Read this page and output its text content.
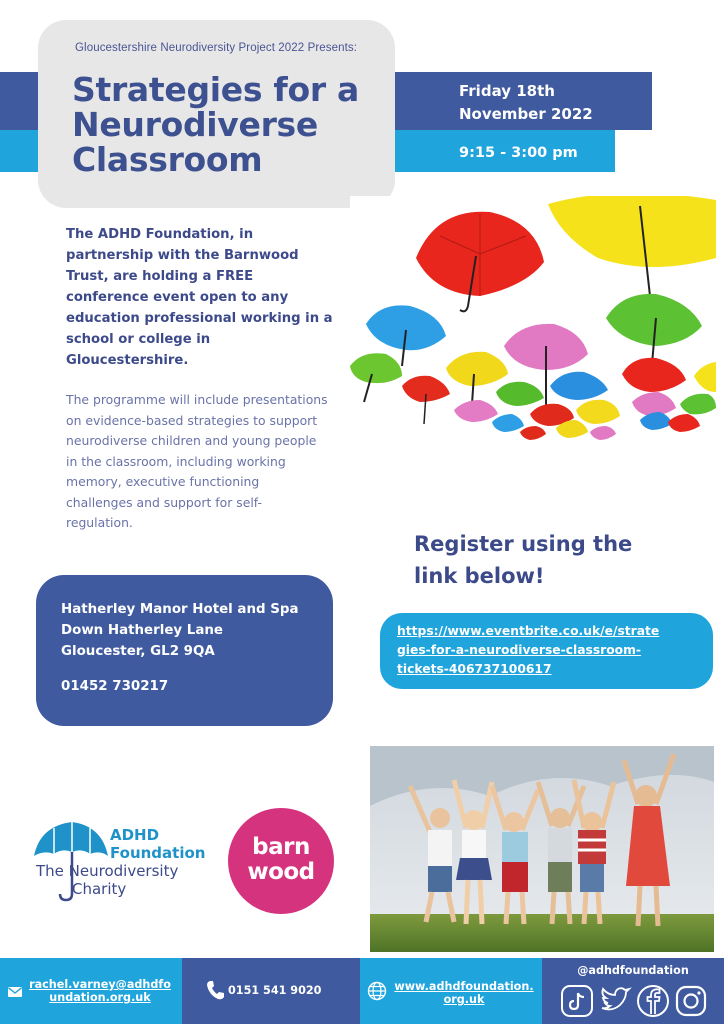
Gloucestershire Neurodiversity Project 2022 Presents:
Strategies for a
Neurodiverse
Classroom
Friday 18th
November 2022
9:15 - 3:00 pm

The ADHD Foundation, in partnership with the Barnwood Trust, are holding a FREE conference event open to any education professional working in a school or college in Gloucestershire.

The programme will include presentations on evidence-based strategies to support neurodiverse children and young people in the classroom, including working memory, executive functioning challenges and support for self-regulation.

Register using the
link below!
https://www.eventbrite.co.uk/e/strate
gies-for-a-neurodiverse-classroom-
tickets-406737100617
Hatherley Manor Hotel and Spa
Down Hatherley Lane
Gloucester, GL2 9QA
01452 730217
ADHD
Foundation
The Neurodiversity
Charity
barn
wood
rachel.varney@adhdfo
undation.org.uk
0151 541 9020	www.adhdfoundation.
org.uk
@adhdfoundation
